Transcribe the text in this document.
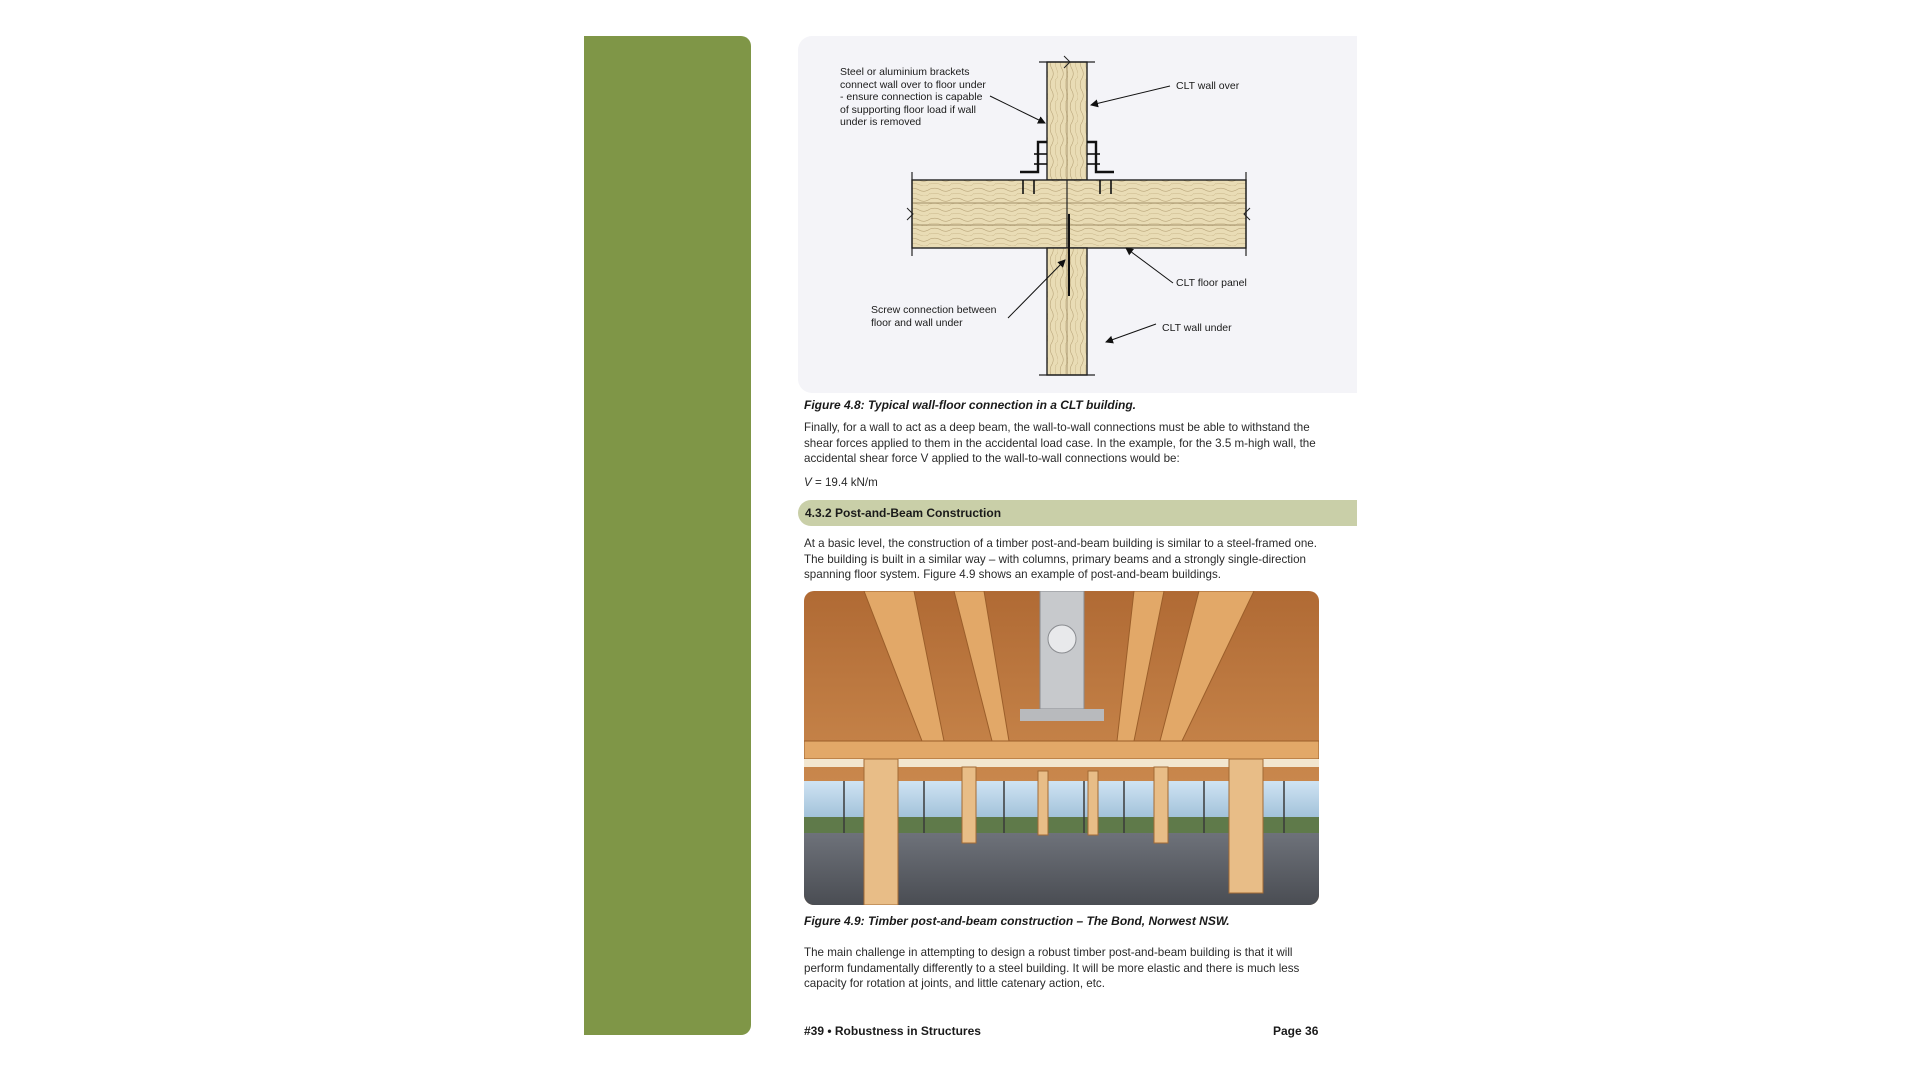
Steel or aluminium brackets connect wall over to floor under - ensure connection is capable of supporting floor load if wall under is removed
CLT wall over
CLT floor panel
Screw connection between floor and wall under	CLT wall under
Figure 4.8: Typical wall-floor connection in a CLT building.
Finally, for a wall to act as a deep beam, the wall-to-wall connections must be able to withstand the shear forces applied to them in the accidental load case. In the example, for the 3.5 m-high wall, the accidental shear force V applied to the wall-to-wall connections would be:
V = 19.4 kN/m
4.3.2 Post-and-Beam Construction
At a basic level, the construction of a timber post-and-beam building is similar to a steel-framed one. The building is built in a similar way – with columns, primary beams and a strongly single-direction spanning floor system. Figure 4.9 shows an example of post-and-beam buildings.
Figure 4.9: Timber post-and-beam construction – The Bond, Norwest NSW.
The main challenge in attempting to design a robust timber post-and-beam building is that it will perform fundamentally differently to a steel building. It will be more elastic and there is much less capacity for rotation at joints, and little catenary action, etc.
#39 • Robustness in Structures	Page 36
